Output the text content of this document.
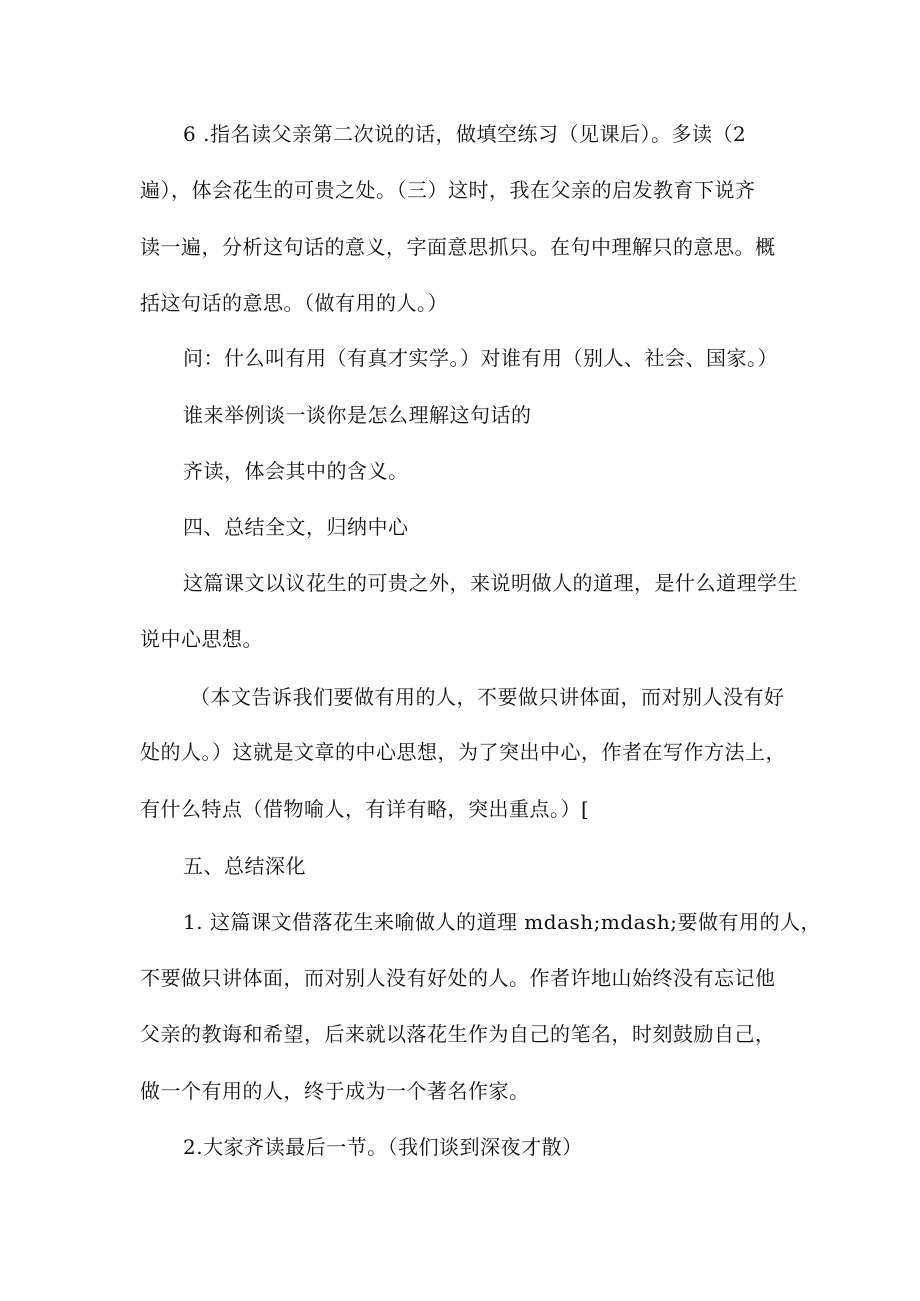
6 .指名读父亲第二次说的话，做填空练习（见课后）。多读（2
遍），体会花生的可贵之处。（三）这时，我在父亲的启发教育下说齐
读一遍，分析这句话的意义，字面意思抓只。在句中理解只的意思。概
括这句话的意思。（做有用的人。）
问：什么叫有用（有真才实学。）对谁有用（别人、社会、国家。）
谁来举例谈一谈你是怎么理解这句话的
齐读，体会其中的含义。
四、总结全文，归纳中心
这篇课文以议花生的可贵之外，来说明做人的道理，是什么道理学生
说中心思想。
（本文告诉我们要做有用的人，不要做只讲体面，而对别人没有好
处的人。）这就是文章的中心思想，为了突出中心，作者在写作方法上，
有什么特点（借物喻人，有详有略，突出重点。）[
五、总结深化
1. 这篇课文借落花生来喻做人的道理 mdash;mdash;要做有用的人，
不要做只讲体面，而对别人没有好处的人。作者许地山始终没有忘记他
父亲的教诲和希望，后来就以落花生作为自己的笔名，时刻鼓励自己，
做一个有用的人，终于成为一个著名作家。
2.大家齐读最后一节。（我们谈到深夜才散）
